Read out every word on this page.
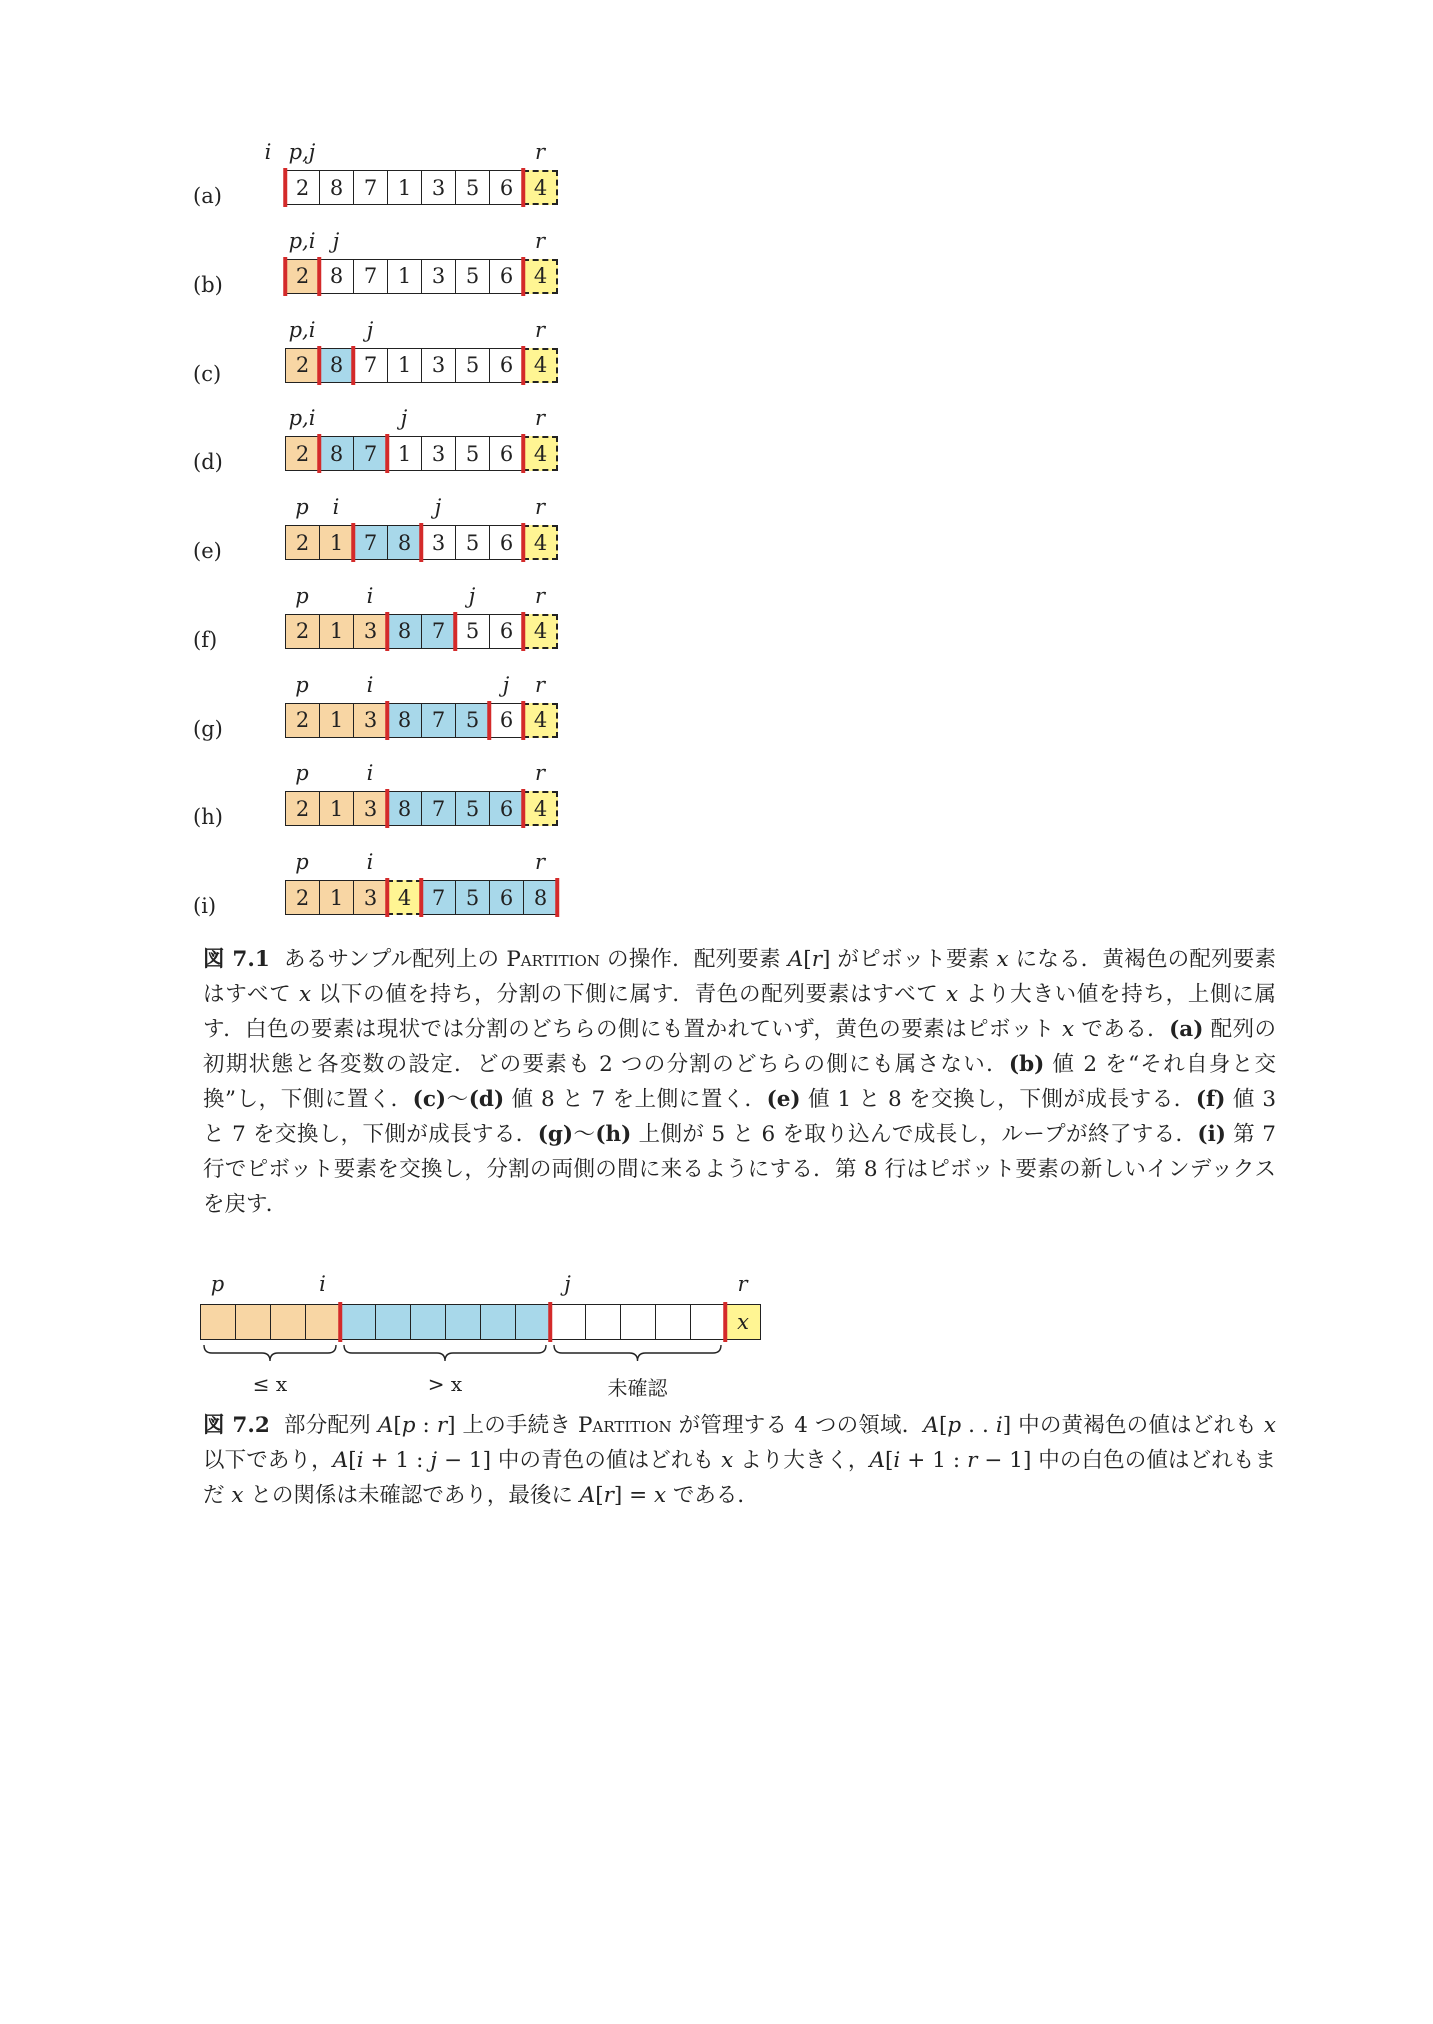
(a)
i p,j	r
2 8 7 1 3 5 6 4
(b)
p,i j	r
2 8 7 1 3 5 6 4
(c)
p,i j	r
2 8 7 1 3 5 6 4
(d)
p,i	j	r
2 8 7 1 3 5 6 4
(e)
p i	j	r
2 1 7 8 3 5 6 4
(f)
p	i	j	r
2 1 3 8 7 5 6 4
(g)
p	i	j r
2 1 3 8 7 5 6 4
(h)
p	i	r
2 1 3 8 7 5 6 4
(i)
p	i	r
2 1 3 4 7 5 6 8
図 7.1 あるサンプル配列上の Partition の操作．配列要素 A[r] がピボット要素 x になる．黄褐色の配列要素はすべて x 以下の値を持ち，分割の下側に属す．青色の配列要素はすべて x より大きい値を持ち，上側に属す．白色の要素は現状では分割のどちらの側にも置かれていず，黄色の要素はピボット x である．(a) 配列の初期状態と各変数の設定．どの要素も 2 つの分割のどちらの側にも属さない．(b) 値 2 を“それ自身と交換”し，下側に置く．(c)〜(d) 値 8 と 7 を上側に置く．(e) 値 1 と 8 を交換し，下側が成長する．(f) 値 3 と 7 を交換し，下側が成長する．(g)〜(h) 上側が 5 と 6 を取り込んで成長し，ループが終了する．(i) 第 7 行でピボット要素を交換し，分割の両側の間に来るようにする．第 8 行はピボット要素の新しいインデックスを戻す．
x
p	i	j	r
≤ x	> x	未確認
図 7.2 部分配列 A[p : r] 上の手続き Partition が管理する 4 つの領域．A[p . . i] 中の黄褐色の値はどれも x 以下であり，A[i + 1 : j − 1] 中の青色の値はどれも x より大きく，A[i + 1 : r − 1] 中の白色の値はどれもまだ x との関係は未確認であり，最後に A[r] = x である．
